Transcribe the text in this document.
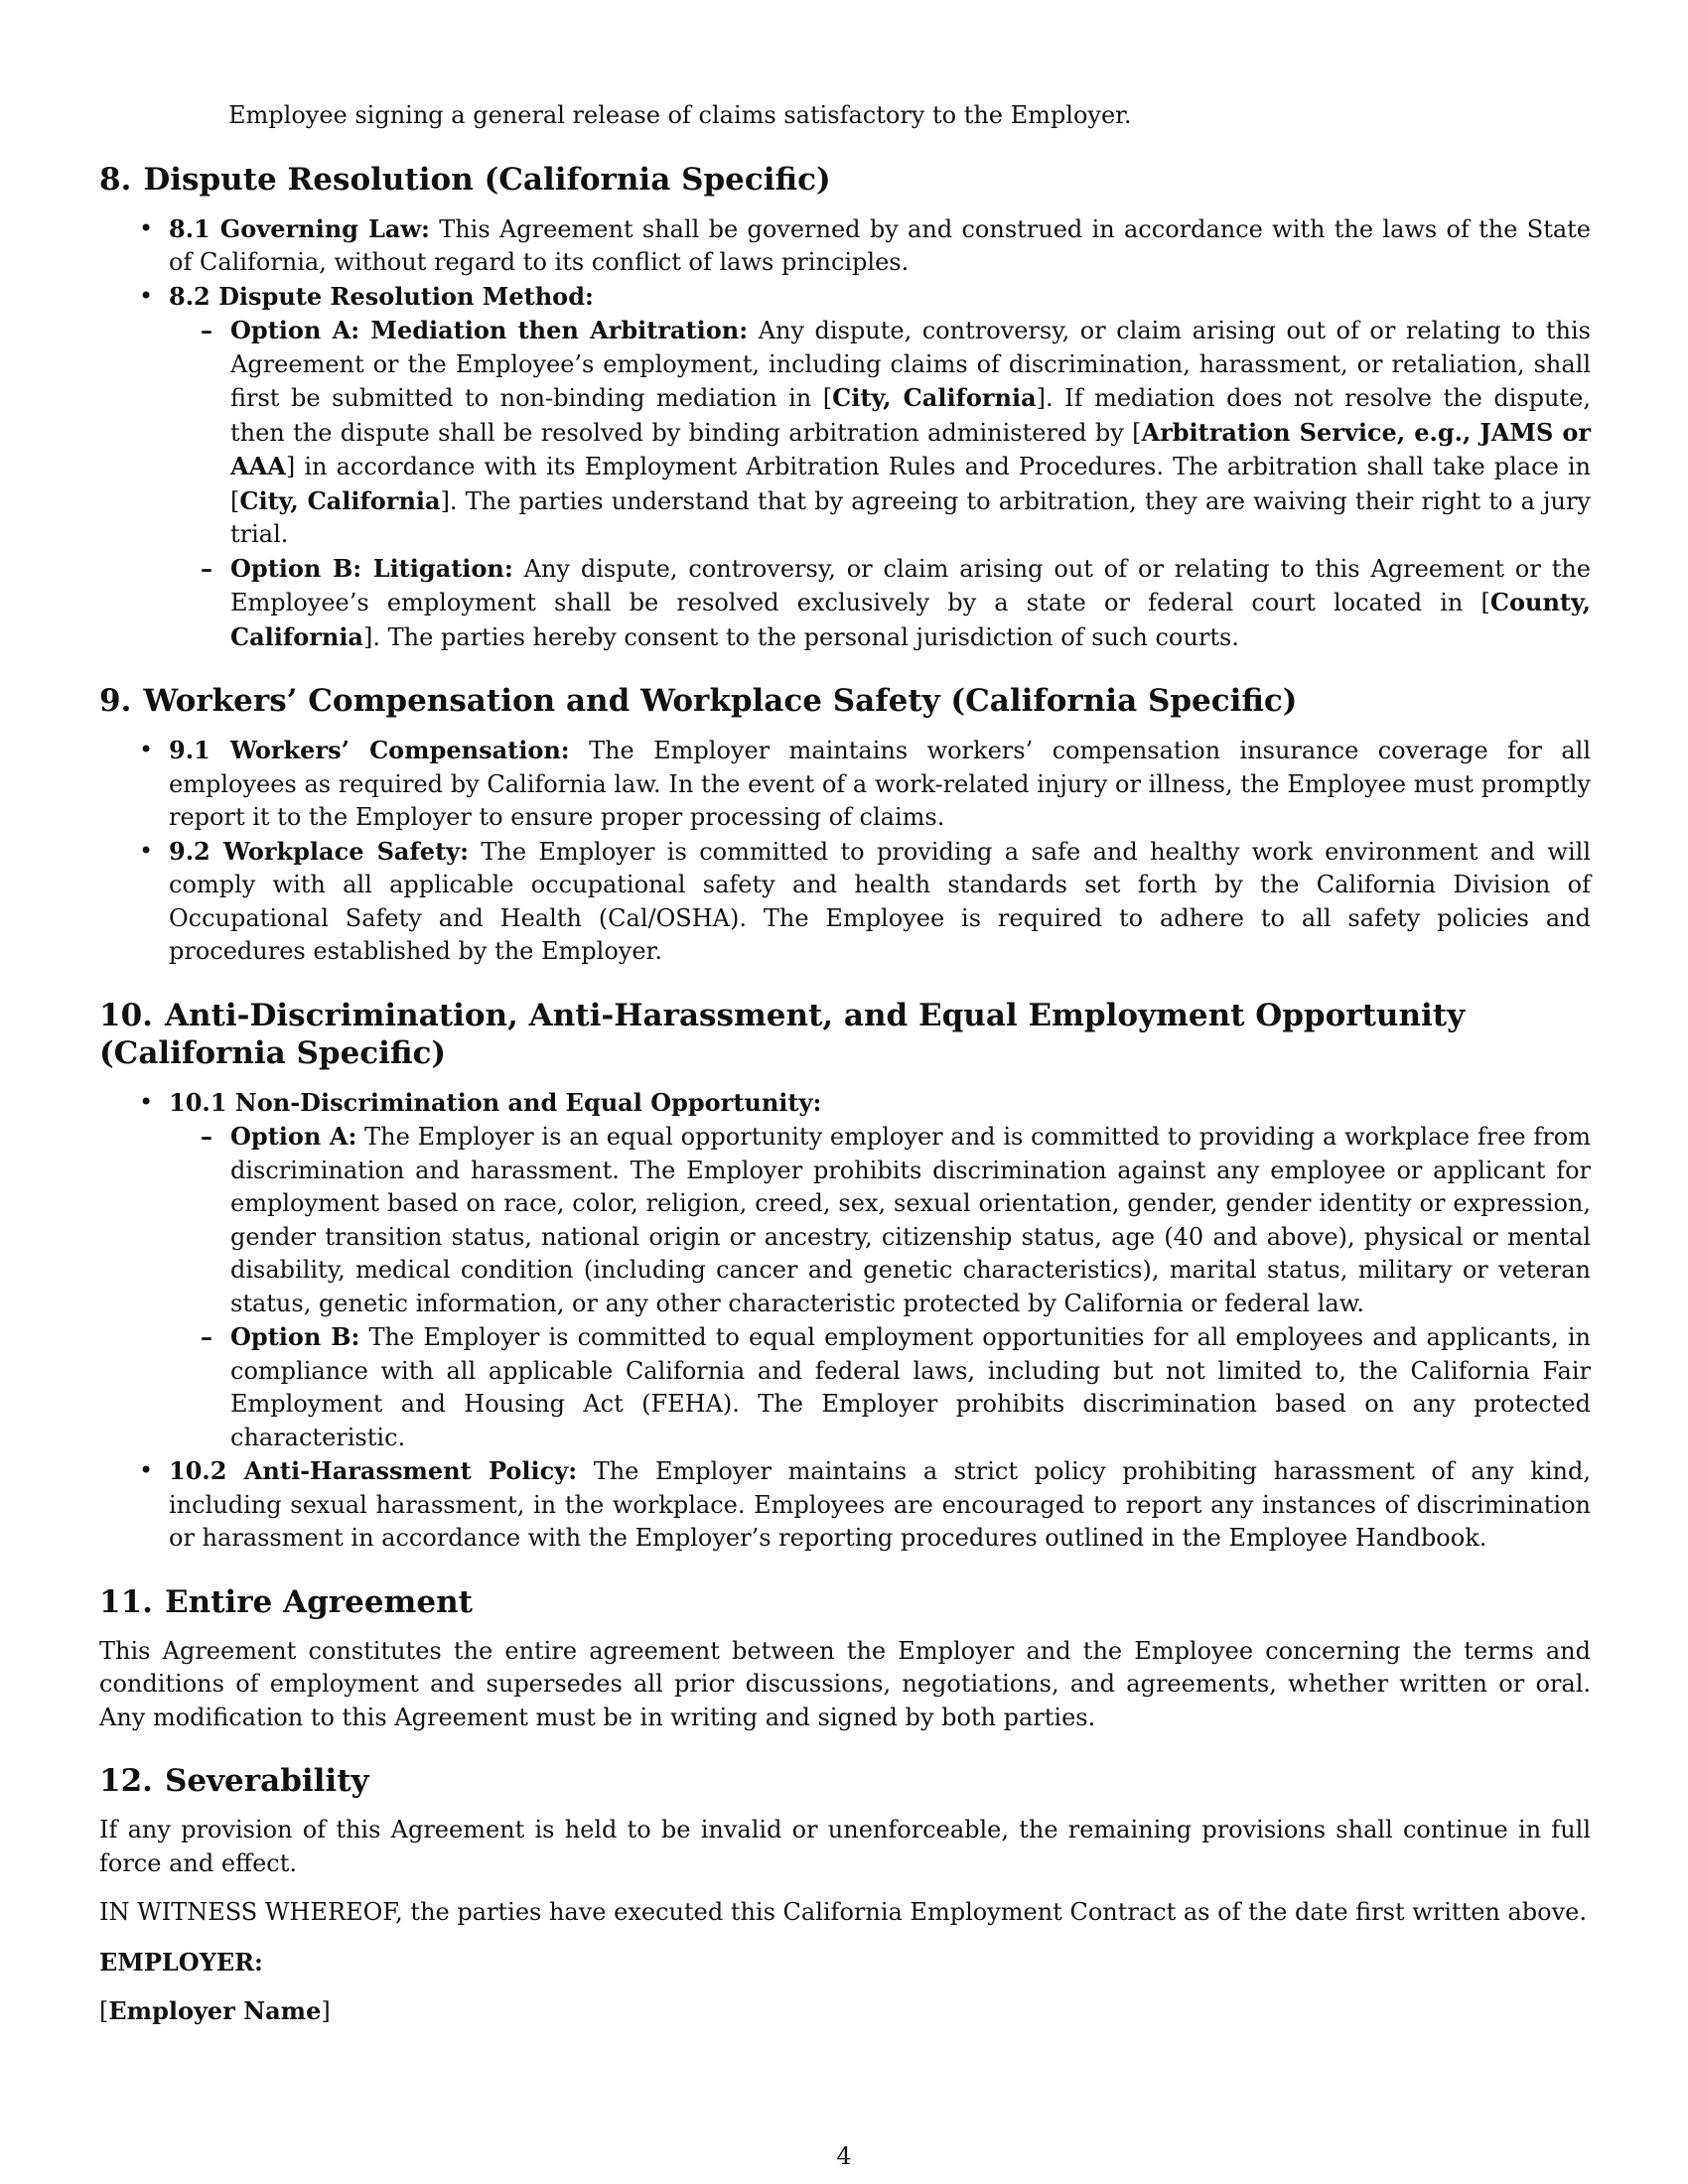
Employee signing a general release of claims satisfactory to the Employer.

8. Dispute Resolution (California Specific)
• 8.1 Governing Law: This Agreement shall be governed by and construed in accordance with the laws of the State of California, without regard to its conflict of laws principles.
• 8.2 Dispute Resolution Method:
– Option A: Mediation then Arbitration: Any dispute, controversy, or claim arising out of or relating to this Agreement or the Employee’s employment, including claims of discrimination, harassment, or retaliation, shall first be submitted to non-binding mediation in [City, California]. If mediation does not resolve the dispute, then the dispute shall be resolved by binding arbitration administered by [Arbitration Service, e.g., JAMS or AAA] in accordance with its Employment Arbitration Rules and Procedures. The arbitration shall take place in [City, California]. The parties understand that by agreeing to arbitration, they are waiving their right to a jury trial.
– Option B: Litigation: Any dispute, controversy, or claim arising out of or relating to this Agreement or the Employee’s employment shall be resolved exclusively by a state or federal court located in [County, California]. The parties hereby consent to the personal jurisdiction of such courts.
9. Workers’ Compensation and Workplace Safety (California Specific)
• 9.1 Workers’ Compensation: The Employer maintains workers’ compensation insurance coverage for all employees as required by California law. In the event of a work-related injury or illness, the Employee must promptly report it to the Employer to ensure proper processing of claims.
• 9.2 Workplace Safety: The Employer is committed to providing a safe and healthy work environment and will comply with all applicable occupational safety and health standards set forth by the California Division of Occupational Safety and Health (Cal/OSHA). The Employee is required to adhere to all safety policies and procedures established by the Employer.
10. Anti-Discrimination, Anti-Harassment, and Equal Employment Opportunity (California Specific)
• 10.1 Non-Discrimination and Equal Opportunity:
– Option A: The Employer is an equal opportunity employer and is committed to providing a workplace free from discrimination and harassment. The Employer prohibits discrimination against any employee or applicant for employment based on race, color, religion, creed, sex, sexual orientation, gender, gender identity or expression, gender transition status, national origin or ancestry, citizenship status, age (40 and above), physical or mental disability, medical condition (including cancer and genetic characteristics), marital status, military or veteran status, genetic information, or any other characteristic protected by California or federal law.
– Option B: The Employer is committed to equal employment opportunities for all employees and applicants, in compliance with all applicable California and federal laws, including but not limited to, the California Fair Employment and Housing Act (FEHA). The Employer prohibits discrimination based on any protected characteristic.
• 10.2 Anti-Harassment Policy: The Employer maintains a strict policy prohibiting harassment of any kind, including sexual harassment, in the workplace. Employees are encouraged to report any instances of discrimination or harassment in accordance with the Employer’s reporting procedures outlined in the Employee Handbook.
11. Entire Agreement

This Agreement constitutes the entire agreement between the Employer and the Employee concerning the terms and conditions of employment and supersedes all prior discussions, negotiations, and agreements, whether written or oral. Any modification to this Agreement must be in writing and signed by both parties.

12. Severability

If any provision of this Agreement is held to be invalid or unenforceable, the remaining provisions shall continue in full force and effect.

IN WITNESS WHEREOF, the parties have executed this California Employment Contract as of the date first written above.

EMPLOYER:

[Employer Name]

4
